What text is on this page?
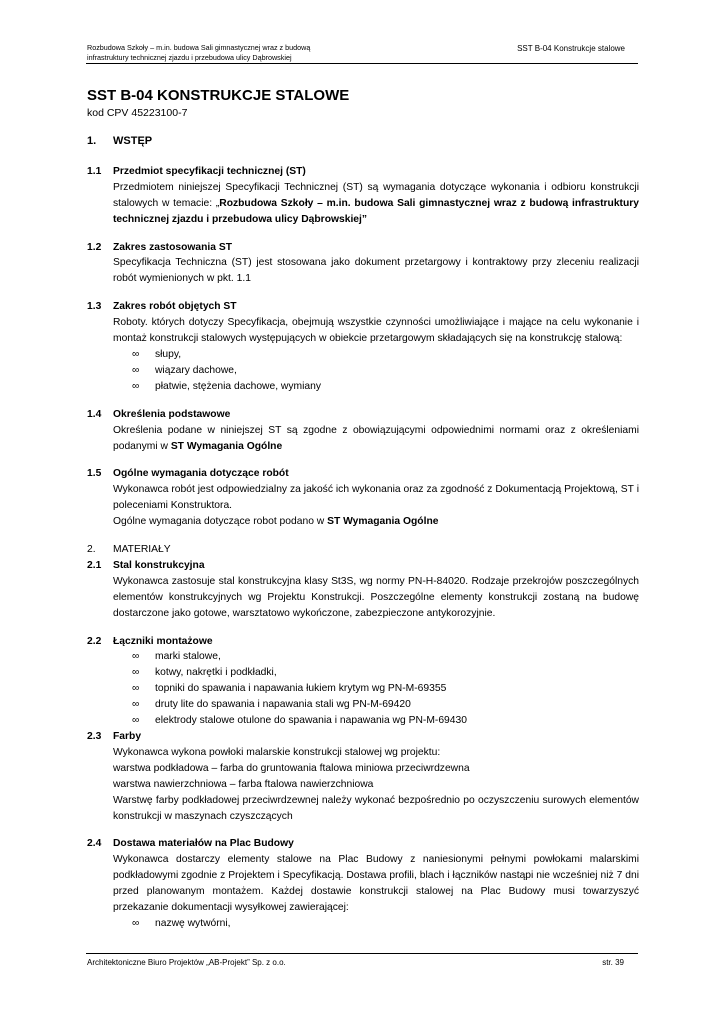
Rozbudowa Szkoły – m.in. budowa Sali gimnastycznej wraz z budową
infrastruktury technicznej zjazdu i przebudowa ulicy Dąbrowskiej
SST B-04 Konstrukcje stalowe
SST B-04 KONSTRUKCJE STALOWE
kod CPV 45223100-7
1. WSTĘP
1.1 Przedmiot specyfikacji technicznej (ST)
Przedmiotem niniejszej Specyfikacji Technicznej (ST) są wymagania dotyczące wykonania i odbioru konstrukcji stalowych w temacie: „Rozbudowa Szkoły – m.in. budowa Sali gimnastycznej wraz z budową infrastruktury technicznej zjazdu i przebudowa ulicy Dąbrowskiej”
1.2 Zakres zastosowania ST
Specyfikacja Techniczna (ST) jest stosowana jako dokument przetargowy i kontraktowy przy zleceniu realizacji robót wymienionych w pkt. 1.1
1.3 Zakres robót objętych ST
Roboty. których dotyczy Specyfikacja, obejmują wszystkie czynności umożliwiające i mające na celu wykonanie i montaż konstrukcji stalowych występujących w obiekcie przetargowym składających się na konstrukcję stalową:
∞ słupy,
∞ wiązary dachowe,
∞ płatwie, stężenia dachowe, wymiany
1.4 Określenia podstawowe
Określenia podane w niniejszej ST są zgodne z obowiązującymi odpowiednimi normami oraz z określeniami podanymi w ST Wymagania Ogólne
1.5 Ogólne wymagania dotyczące robót
Wykonawca robót jest odpowiedzialny za jakość ich wykonania oraz za zgodność z Dokumentacją Projektową, ST i poleceniami Konstruktora.
Ogólne wymagania dotyczące robot podano w ST Wymagania Ogólne
2. MATERIAŁY
2.1 Stal konstrukcyjna
Wykonawca zastosuje stal konstrukcyjna klasy St3S, wg normy PN-H-84020. Rodzaje przekrojów poszczególnych elementów konstrukcyjnych wg Projektu Konstrukcji. Poszczególne elementy konstrukcji zostaną na budowę dostarczone jako gotowe, warsztatowo wykończone, zabezpieczone antykorozyjnie.
2.2 Łączniki montażowe
∞ marki stalowe,
∞ kotwy, nakrętki i podkładki,
∞ topniki do spawania i napawania łukiem krytym wg PN-M-69355
∞ druty lite do spawania i napawania stali wg PN-M-69420
∞ elektrody stalowe otulone do spawania i napawania wg PN-M-69430
2.3 Farby
Wykonawca wykona powłoki malarskie konstrukcji stalowej wg projektu:
warstwa podkładowa – farba do gruntowania ftalowa miniowa przeciwrdzewna
warstwa nawierzchniowa – farba ftalowa nawierzchniowa
Warstwę farby podkładowej przeciwrdzewnej należy wykonać bezpośrednio po oczyszczeniu surowych elementów konstrukcji w maszynach czyszczących
2.4 Dostawa materiałów na Plac Budowy
Wykonawca dostarczy elementy stalowe na Plac Budowy z naniesionymi pełnymi powłokami malarskimi podkładowymi zgodnie z Projektem i Specyfikacją. Dostawa profili, blach i łączników nastąpi nie wcześniej niż 7 dni przed planowanym montażem. Każdej dostawie konstrukcji stalowej na Plac Budowy musi towarzyszyć przekazanie dokumentacji wysyłkowej zawierającej:
∞ nazwę wytwórni,
Architektoniczne Biuro Projektów „AB-Projekt” Sp. z o.o.	str. 39
